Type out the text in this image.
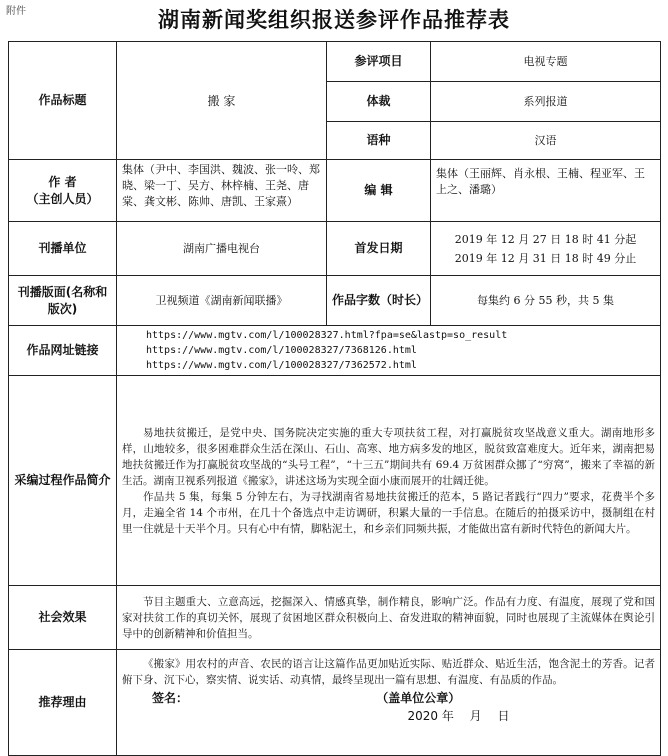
附件	湖南新闻奖组织报送参评作品推荐表
作品标题	搬 家	参评项目	电视专题
		体裁	系列报道
		语种	汉语

作 者
（主创人员）	集体（尹中、李国洪、魏波、张一呤、郑晓、梁一丁、吴方、林梓楠、王尧、唐棠、龚文彬、陈帅、唐凯、王家熹）	编 辑	集体（王丽辉、肖永根、王楠、程亚军、王上之、潘璐）
刊播单位	湖南广播电视台	首发日期	2019 年 12 月 27 日 18 时 41 分起
2019 年 12 月 31 日 18 时 49 分止

刊播版面(名称和版次)	卫视频道《湖南新闻联播》	作品字数（时长）	每集约 6 分 55 秒，共 5 集
作品网址链接	https://www.mgtv.com/l/100028327.html?fpa=se&lastp=so_result
https://www.mgtv.com/l/100028327/7368126.html
https://www.mgtv.com/l/100028327/7362572.html		

采编过程作品简介	易地扶贫搬迁，是党中央、国务院决定实施的重大专项扶贫工程，对打赢脱贫攻坚战意义重大。湖南地形多样，山地较多，很多困难群众生活在深山、石山、高寒、地方病多发的地区，脱贫致富难度大。近年来，湖南把易地扶贫搬迁作为打赢脱贫攻坚战的“头号工程”，“十三五”期间共有 69.4 万贫困群众挪了“穷窝”，搬来了幸福的新生活。湖南卫视系列报道《搬家》，讲述这场为实现全面小康而展开的壮阔迁徙。

作品共 5 集，每集 5 分钟左右，为寻找湖南省易地扶贫搬迁的范本，5 路记者践行“四力”要求，花费半个多月，走遍全省 14 个市州，在几十个备选点中走访调研，积累大量的一手信息。在随后的拍摄采访中，摄制组在村里一住就是十天半个月。只有心中有情，脚粘泥土，和乡亲们同频共振，才能做出富有新时代特色的新闻大片。		

社会效果	节目主题重大、立意高远，挖掘深入、情感真挚，制作精良，影响广泛。作品有力度、有温度，展现了党和国家对扶贫工作的真切关怀，展现了贫困地区群众积极向上、奋发进取的精神面貌，同时也展现了主流媒体在舆论引导中的创新精神和价值担当。		

推荐理由	《搬家》用农村的声音、农民的语言让这篇作品更加贴近实际、贴近群众、贴近生活，饱含泥土的芳香。记者俯下身、沉下心，察实情、说实话、动真情，最终呈现出一篇有思想、有温度、有品质的作品。

签名： （盖单位公章）
2020 年　 月　 日		
